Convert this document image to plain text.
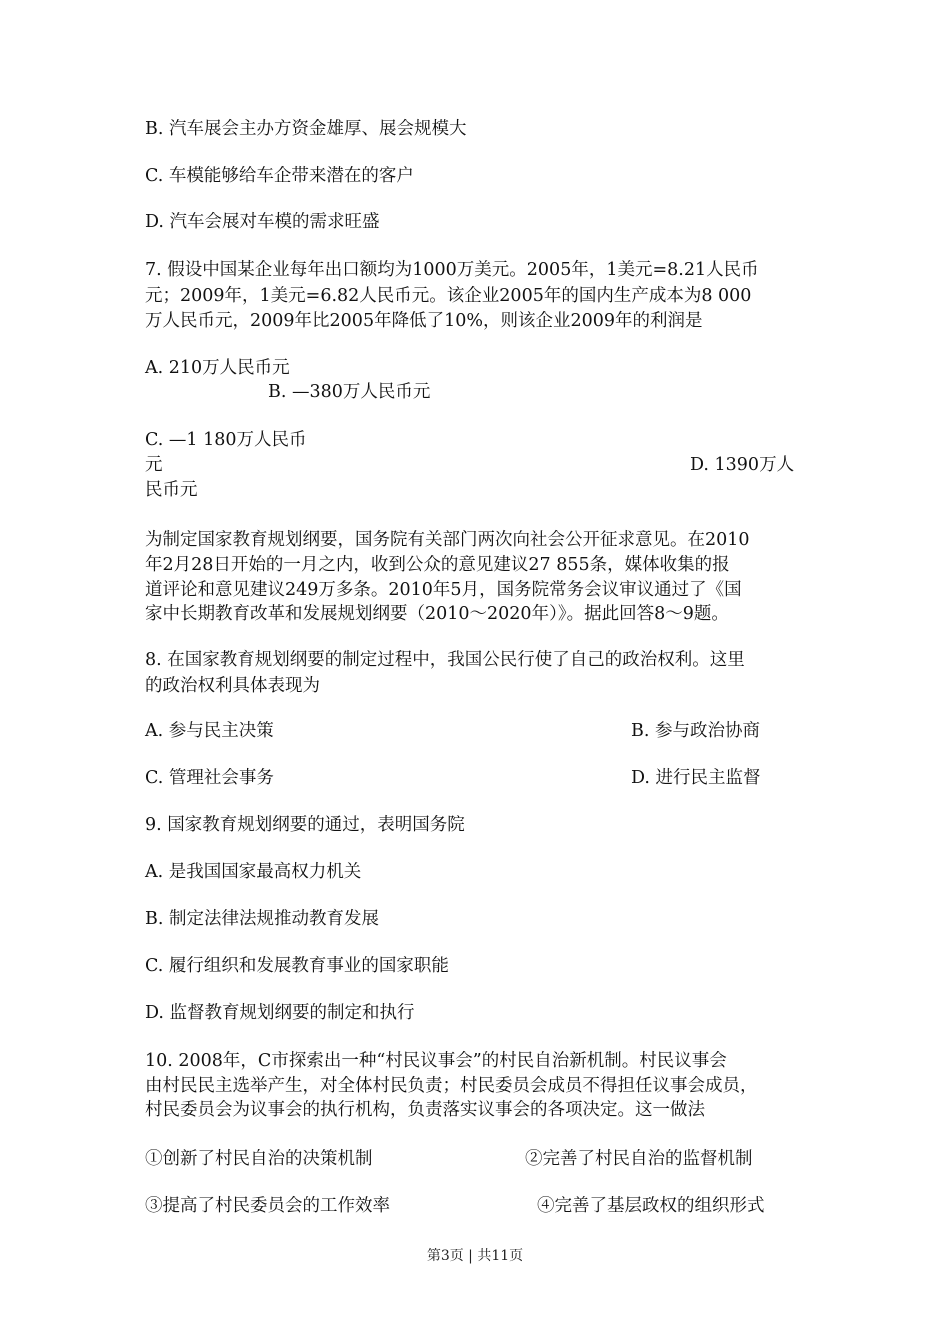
B. 汽车展会主办方资金雄厚、展会规模大
C. 车模能够给车企带来潜在的客户
D. 汽车会展对车模的需求旺盛
7. 假设中国某企业每年出口额均为1000万美元。2005年，1美元=8.21人民币
元；2009年，1美元=6.82人民币元。该企业2005年的国内生产成本为8 000
万人民币元，2009年比2005年降低了10%，则该企业2009年的利润是
A. 210万人民币元
B. —380万人民币元
C. —1 180万人民币
元	D. 1390万人
民币元
为制定国家教育规划纲要，国务院有关部门两次向社会公开征求意见。在2010
年2月28日开始的一月之内，收到公众的意见建议27 855条，媒体收集的报
道评论和意见建议249万多条。2010年5月，国务院常务会议审议通过了《国
家中长期教育改革和发展规划纲要（2010～2020年）》。据此回答8～9题。
8. 在国家教育规划纲要的制定过程中，我国公民行使了自己的政治权利。这里
的政治权利具体表现为
A. 参与民主决策	B. 参与政治协商
C. 管理社会事务	D. 进行民主监督
9. 国家教育规划纲要的通过，表明国务院
A. 是我国国家最高权力机关
B. 制定法律法规推动教育发展
C. 履行组织和发展教育事业的国家职能
D. 监督教育规划纲要的制定和执行
10. 2008年，C市探索出一种“村民议事会”的村民自治新机制。村民议事会
由村民民主选举产生，对全体村民负责；村民委员会成员不得担任议事会成员，
村民委员会为议事会的执行机构，负责落实议事会的各项决定。这一做法
①创新了村民自治的决策机制	②完善了村民自治的监督机制
③提高了村民委员会的工作效率	④完善了基层政权的组织形式
第3页 | 共11页
